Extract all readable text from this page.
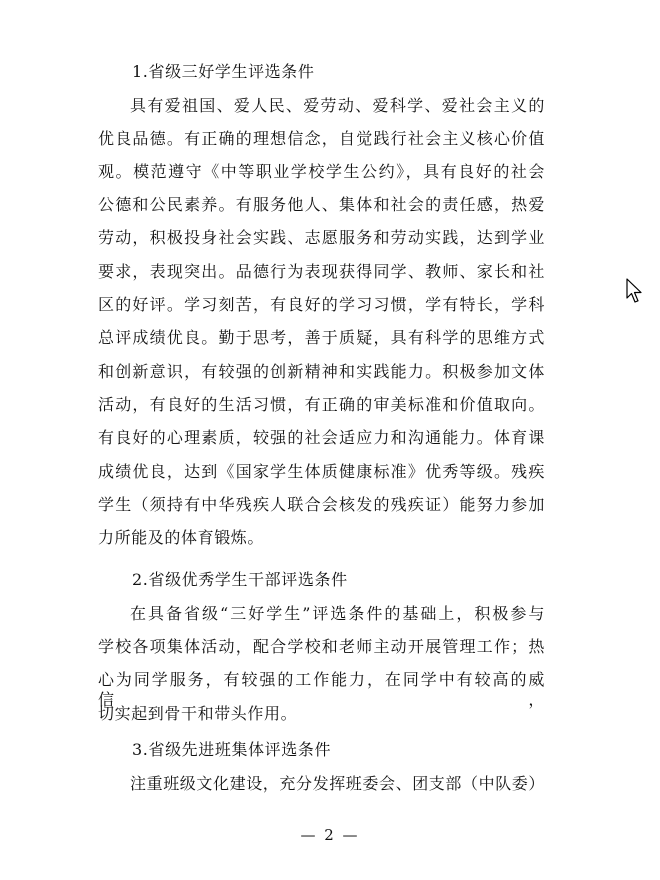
1.省级三好学生评选条件
具有爱祖国、爱人民、爱劳动、爱科学、爱社会主义的
优良品德。有正确的理想信念，自觉践行社会主义核心价值
观。模范遵守《中等职业学校学生公约》，具有良好的社会
公德和公民素养。有服务他人、集体和社会的责任感，热爱
劳动，积极投身社会实践、志愿服务和劳动实践，达到学业
要求，表现突出。品德行为表现获得同学、教师、家长和社
区的好评。学习刻苦，有良好的学习习惯，学有特长，学科
总评成绩优良。勤于思考，善于质疑，具有科学的思维方式
和创新意识，有较强的创新精神和实践能力。积极参加文体
活动，有良好的生活习惯，有正确的审美标准和价值取向。
有良好的心理素质，较强的社会适应力和沟通能力。体育课
成绩优良，达到《国家学生体质健康标准》优秀等级。残疾
学生（须持有中华残疾人联合会核发的残疾证）能努力参加
力所能及的体育锻炼。
2.省级优秀学生干部评选条件
在具备省级“三好学生”评选条件的基础上，积极参与
学校各项集体活动，配合学校和老师主动开展管理工作；热
心为同学服务，有较强的工作能力，在同学中有较高的威信，
切实起到骨干和带头作用。
3.省级先进班集体评选条件
注重班级文化建设，充分发挥班委会、团支部（中队委）
— 2 —
